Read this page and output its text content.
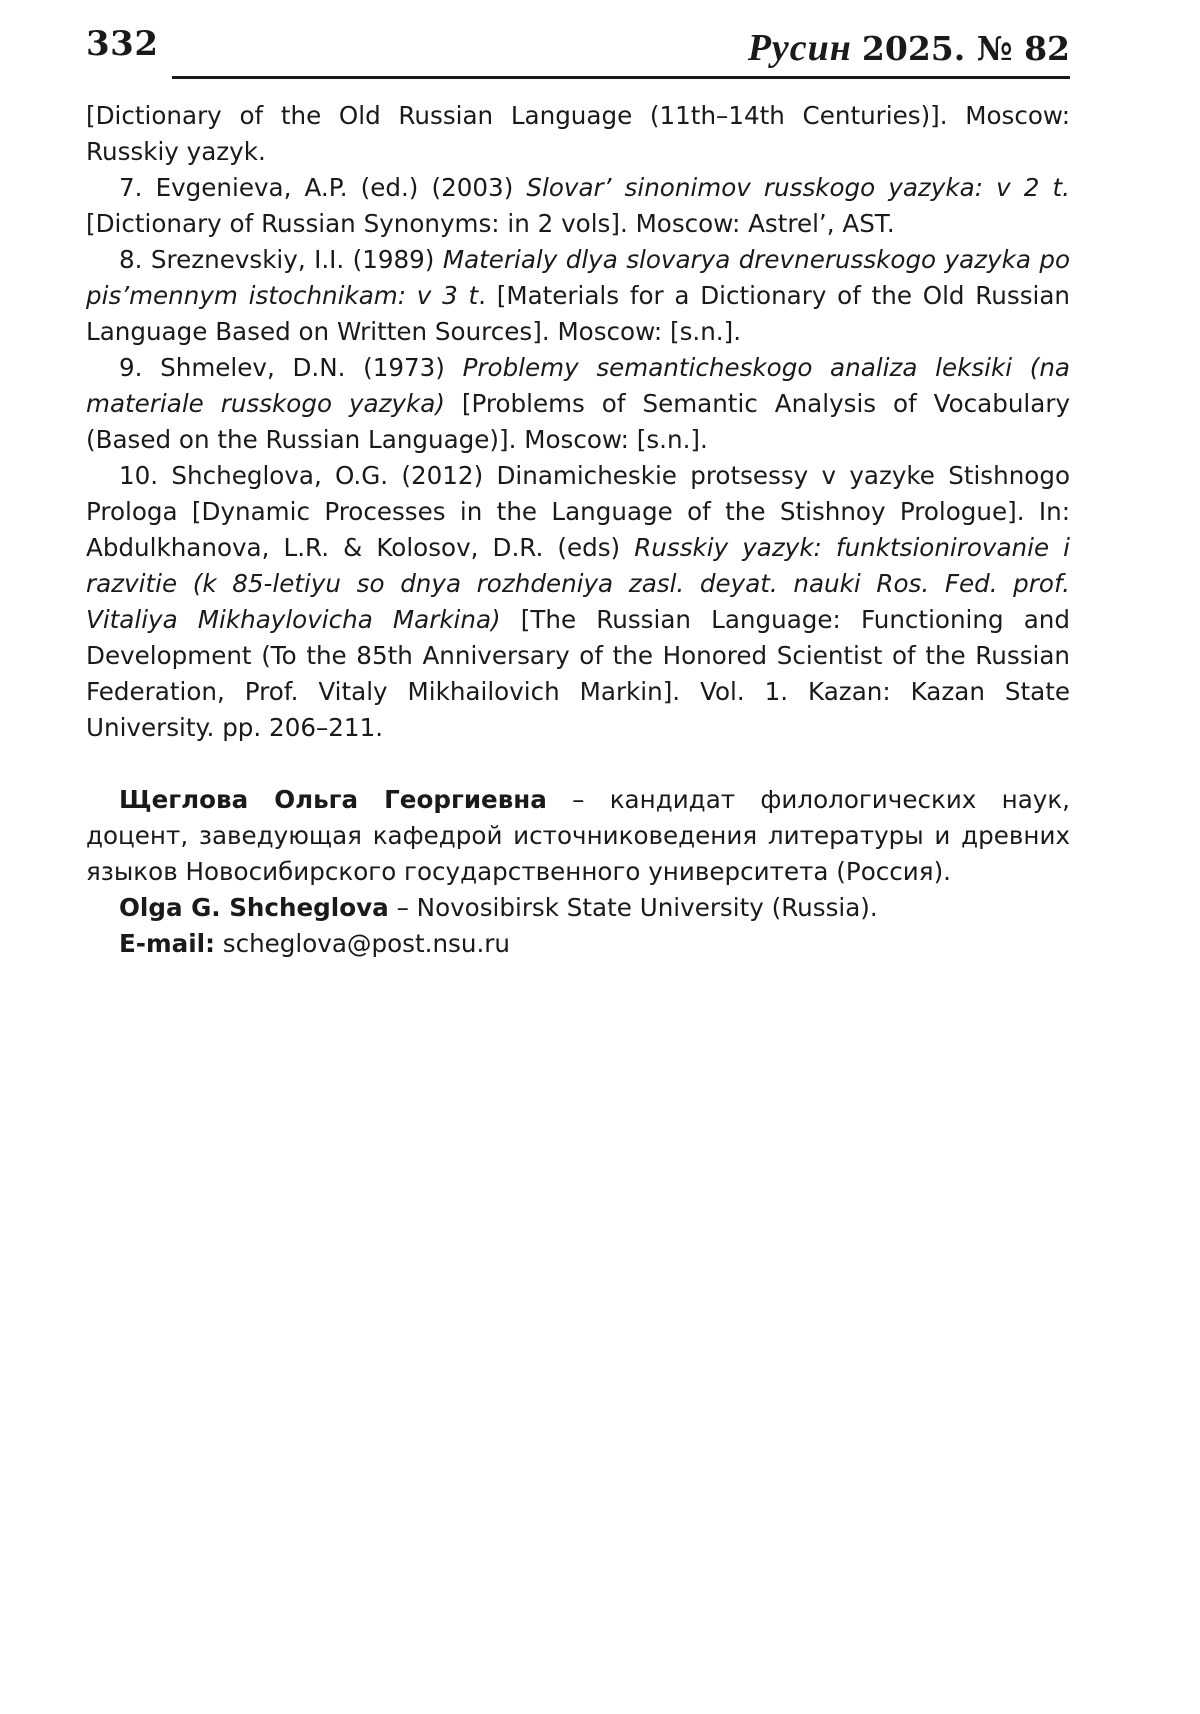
332	Русин 2025. № 82

[Dictionary of the Old Russian Language (11th–14th Centuries)]. Moscow: Russkiy yazyk.

7. Evgenieva, A.P. (ed.) (2003) Slovar’ sinonimov russkogo yazyka: v 2 t. [Dictionary of Russian Synonyms: in 2 vols]. Moscow: Astrel’, AST.

8. Sreznevskiy, I.I. (1989) Materialy dlya slovarya drevnerusskogo yazyka po pis’mennym istochnikam: v 3 t. [Materials for a Dictionary of the Old Russian Language Based on Written Sources]. Moscow: [s.n.].

9. Shmelev, D.N. (1973) Problemy semanticheskogo analiza leksiki (na materiale russkogo yazyka) [Problems of Semantic Analysis of Vocabulary (Based on the Russian Language)]. Moscow: [s.n.].

10. Shcheglova, O.G. (2012) Dinamicheskie protsessy v yazyke Stishnogo Prologa [Dynamic Processes in the Language of the Stishnoy Prologue]. In: Abdulkhanova, L.R. & Kolosov, D.R. (eds) Russkiy yazyk: funktsionirovanie i razvitie (k 85-letiyu so dnya rozhdeniya zasl. deyat. nauki Ros. Fed. prof. Vitaliya Mikhaylovicha Markina) [The Russian Language: Functioning and Development (To the 85th Anniversary of the Honored Scientist of the Russian Federation, Prof. Vitaly Mikhailovich Markin]. Vol. 1. Kazan: Kazan State University. pp. 206–211.

Щеглова Ольга Георгиевна – кандидат филологических наук, доцент, заведующая кафедрой источниковедения литературы и древних языков Новосибирского государственного университета (Россия).

Olga G. Shcheglova – Novosibirsk State University (Russia).

E-mail: scheglova@post.nsu.ru
